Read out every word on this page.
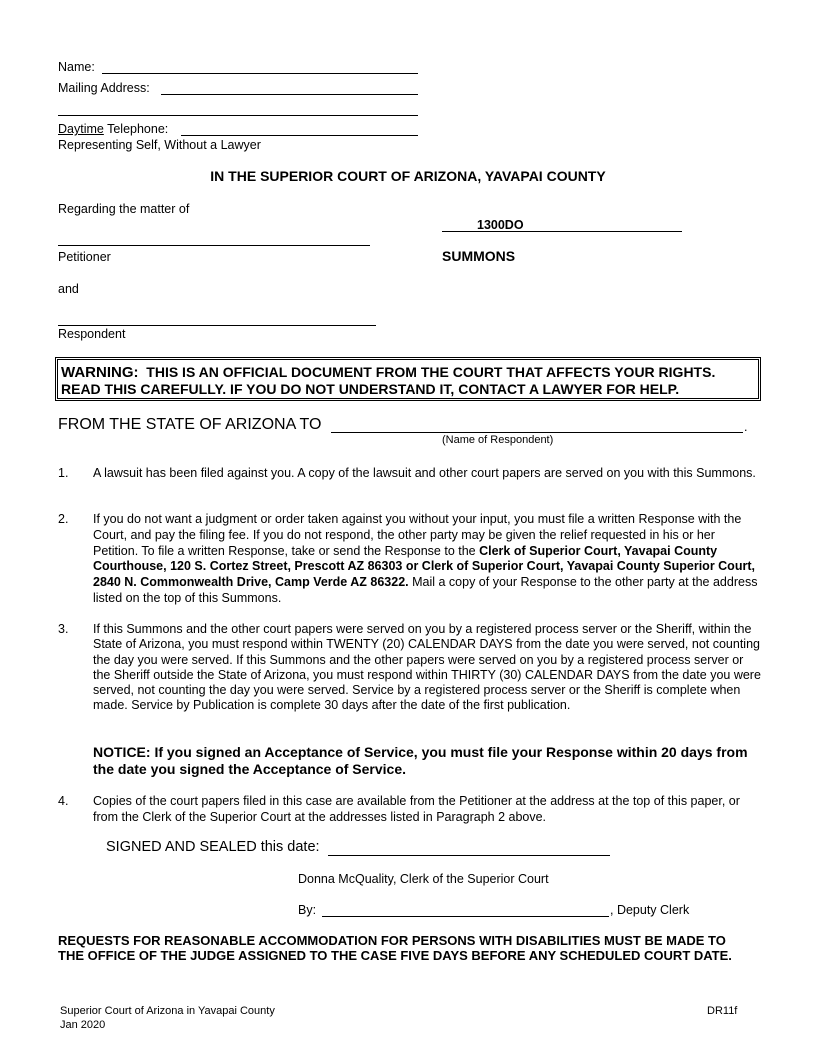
Name:
Mailing Address:
Daytime Telephone:
Representing Self, Without a Lawyer
IN THE SUPERIOR COURT OF ARIZONA, YAVAPAI COUNTY
Regarding the matter of
1300DO
Petitioner	SUMMONS
and
Respondent
WARNING: THIS IS AN OFFICIAL DOCUMENT FROM THE COURT THAT AFFECTS YOUR RIGHTS.
READ THIS CAREFULLY. IF YOU DO NOT UNDERSTAND IT, CONTACT A LAWYER FOR HELP.
FROM THE STATE OF ARIZONA TO	.
(Name of Respondent)
1. A lawsuit has been filed against you. A copy of the lawsuit and other court papers are served on you with this Summons.
2. If you do not want a judgment or order taken against you without your input, you must file a written Response with the Court, and pay the filing fee. If you do not respond, the other party may be given the relief requested in his or her Petition. To file a written Response, take or send the Response to the Clerk of Superior Court, Yavapai County Courthouse, 120 S. Cortez Street, Prescott AZ 86303 or Clerk of Superior Court, Yavapai County Superior Court, 2840 N. Commonwealth Drive, Camp Verde AZ 86322. Mail a copy of your Response to the other party at the address listed on the top of this Summons.
3. If this Summons and the other court papers were served on you by a registered process server or the Sheriff, within the State of Arizona, you must respond within TWENTY (20) CALENDAR DAYS from the date you were served, not counting the day you were served. If this Summons and the other papers were served on you by a registered process server or the Sheriff outside the State of Arizona, you must respond within THIRTY (30) CALENDAR DAYS from the date you were served, not counting the day you were served. Service by a registered process server or the Sheriff is complete when made. Service by Publication is complete 30 days after the date of the first publication.
NOTICE: If you signed an Acceptance of Service, you must file your Response within 20 days from the date you signed the Acceptance of Service.
4. Copies of the court papers filed in this case are available from the Petitioner at the address at the top of this paper, or from the Clerk of the Superior Court at the addresses listed in Paragraph 2 above.
SIGNED AND SEALED this date:
Donna McQuality, Clerk of the Superior Court
By:	, Deputy Clerk
REQUESTS FOR REASONABLE ACCOMMODATION FOR PERSONS WITH DISABILITIES MUST BE MADE TO
THE OFFICE OF THE JUDGE ASSIGNED TO THE CASE FIVE DAYS BEFORE ANY SCHEDULED COURT DATE.
Superior Court of Arizona in Yavapai County
Jan 2020
DR11f
